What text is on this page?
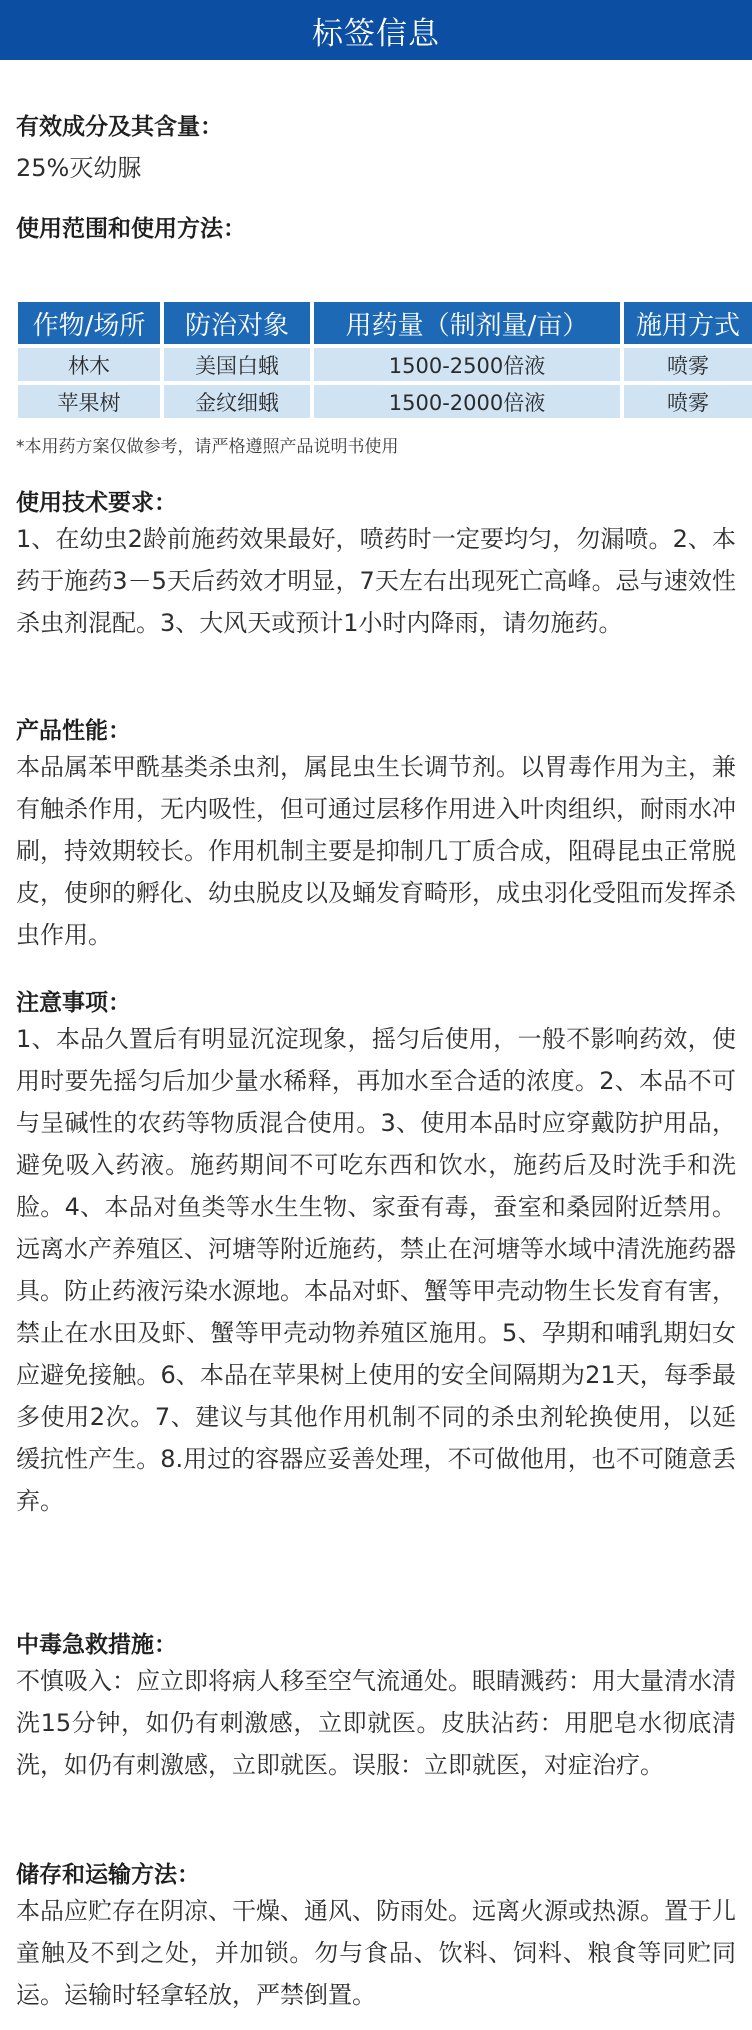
标签信息
有效成分及其含量：
25%灭幼脲
使用范围和使用方法：
*本用药方案仅做参考，请严格遵照产品说明书使用
使用技术要求：
1、在幼虫2龄前施药效果最好，喷药时一定要均匀，勿漏喷。2、本药于施药3－5天后药效才明显，7天左右出现死亡高峰。忌与速效性杀虫剂混配。3、大风天或预计1小时内降雨，请勿施药。
产品性能：
本品属苯甲酰基类杀虫剂，属昆虫生长调节剂。以胃毒作用为主，兼有触杀作用，无内吸性，但可通过层移作用进入叶肉组织，耐雨水冲刷，持效期较长。作用机制主要是抑制几丁质合成，阻碍昆虫正常脱皮，使卵的孵化、幼虫脱皮以及蛹发育畸形，成虫羽化受阻而发挥杀虫作用。
注意事项：
1、本品久置后有明显沉淀现象，摇匀后使用，一般不影响药效，使用时要先摇匀后加少量水稀释，再加水至合适的浓度。2、本品不可与呈碱性的农药等物质混合使用。3、使用本品时应穿戴防护用品，避免吸入药液。施药期间不可吃东西和饮水，施药后及时洗手和洗脸。4、本品对鱼类等水生生物、家蚕有毒，蚕室和桑园附近禁用。远离水产养殖区、河塘等附近施药，禁止在河塘等水域中清洗施药器具。防止药液污染水源地。本品对虾、蟹等甲壳动物生长发育有害，禁止在水田及虾、蟹等甲壳动物养殖区施用。5、孕期和哺乳期妇女应避免接触。6、本品在苹果树上使用的安全间隔期为21天，每季最多使用2次。7、建议与其他作用机制不同的杀虫剂轮换使用，以延缓抗性产生。8.用过的容器应妥善处理，不可做他用，也不可随意丢弃。
中毒急救措施：
不慎吸入：应立即将病人移至空气流通处。眼睛溅药：用大量清水清洗15分钟，如仍有刺激感，立即就医。皮肤沾药：用肥皂水彻底清洗，如仍有刺激感，立即就医。误服：立即就医，对症治疗。
储存和运输方法：
本品应贮存在阴凉、干燥、通风、防雨处。远离火源或热源。置于儿童触及不到之处，并加锁。勿与食品、饮料、饲料、粮食等同贮同运。运输时轻拿轻放，严禁倒置。
作物/场所	防治对象	用药量（制剂量/亩）	施用方式
林木	美国白蛾	1500-2500倍液	喷雾
苹果树	金纹细蛾	1500-2000倍液	喷雾
